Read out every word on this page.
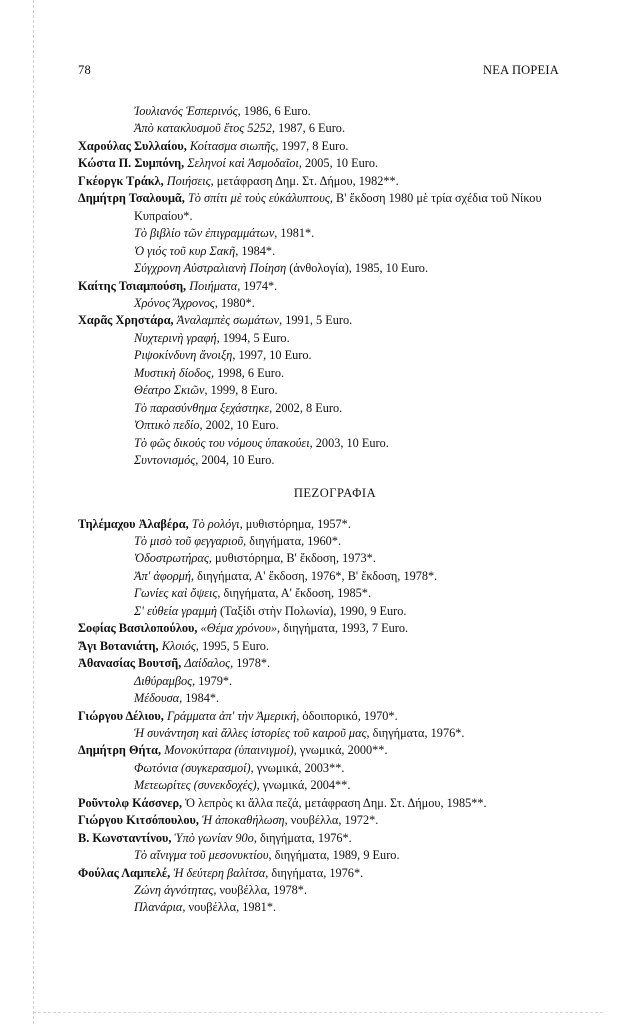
78	ΝΕΑ ΠΟΡΕΙΑ
Ἰουλιανός Ἑσπερινός, 1986, 6 Euro.
Ἀπὸ κατακλυσμοῦ ἔτος 5252, 1987, 6 Euro.
Χαρούλας Συλλαίου, Κοίτασμα σιωπῆς, 1997, 8 Euro.
Κώστα Π. Συμπόνη, Σεληνοί καὶ Ἀσμοδαῖοι, 2005, 10 Euro.
Γκέοργκ Τράκλ, Ποιήσεις, μετάφραση Δημ. Στ. Δήμου, 1982**.
Δημήτρη Τσαλουμᾶ, Τὸ σπίτι μὲ τοὺς εὐκάλυπτους, Β' ἔκδοση 1980 μὲ τρία σχέδια τοῦ Νίκου Κυπραίου*.
Τὸ βιβλίο τῶν ἐπιγραμμάτων, 1981*.
Ὁ γιός τοῦ κυρ Σακῆ, 1984*.
Σύγχρονη Αὐστραλιανὴ Ποίηση (ἀνθολογία), 1985, 10 Euro.
Καίτης Τσιαμπούση, Ποιήματα, 1974*.
Χρόνος Ἄχρονος, 1980*.
Χαρᾶς Χρηστάρα, Ἀναλαμπὲς σωμάτων, 1991, 5 Euro.
Νυχτερινὴ γραφή, 1994, 5 Euro.
Ριψοκίνδυνη ἄνοιξη, 1997, 10 Euro.
Μυστικὴ δίοδος, 1998, 6 Euro.
Θέατρο Σκιῶν, 1999, 8 Euro.
Τὸ παρασύνθημα ξεχάστηκε, 2002, 8 Euro.
Ὀπτικὸ πεδίο, 2002, 10 Euro.
Τὸ φῶς δικούς του νόμους ὑπακούει, 2003, 10 Euro.
Συντονισμός, 2004, 10 Euro.
ΠΕΖΟΓΡΑΦΙΑ
Τηλέμαχου Ἀλαβέρα, Τὸ ρολόγι, μυθιστόρημα, 1957*.
Τὸ μισὸ τοῦ φεγγαριοῦ, διηγήματα, 1960*.
Ὁδοστρωτήρας, μυθιστόρημα, Β' ἔκδοση, 1973*.
Ἀπ' ἀφορμή, διηγήματα, Α' ἔκδοση, 1976*, Β' ἔκδοση, 1978*.
Γωνίες καὶ ὄψεις, διηγήματα, Α' ἔκδοση, 1985*.
Σ' εὐθεία γραμμὴ (Ταξίδι στὴν Πολωνία), 1990, 9 Euro.
Σοφίας Βασιλοπούλου, «Θέμα χρόνου», διηγήματα, 1993, 7 Euro.
Ἄγι Βοτανιάτη, Κλοιός, 1995, 5 Euro.
Ἀθανασίας Βουτσῆ, Δαίδαλος, 1978*.
Διθύραμβος, 1979*.
Μέδουσα, 1984*.
Γιώργου Δέλιου, Γράμματα ἀπ' τὴν Ἀμερική, ὁδοιπορικό, 1970*.
Ἡ συνάντηση καὶ ἄλλες ἱστορίες τοῦ καιροῦ μας, διηγήματα, 1976*.
Δημήτρη Θήτα, Μονοκύτταρα (ὑπαινιγμοί), γνωμικά, 2000**.
Φωτόνια (συγκερασμοί), γνωμικά, 2003**.
Μετεωρίτες (συνεκδοχές), γνωμικά, 2004**.
Ροῦντολφ Κάσσνερ, Ὁ λεπρὸς κι ἄλλα πεζά, μετάφραση Δημ. Στ. Δήμου, 1985**.
Γιώργου Κιτσόπουλου, Ἡ ἀποκαθήλωση, νουβέλλα, 1972*.
Β. Κωνσταντίνου, Ὑπὸ γωνίαν 90ο, διηγήματα, 1976*.
Τὸ αἴνιγμα τοῦ μεσονυκτίου, διηγήματα, 1989, 9 Euro.
Φούλας Λαμπελέ, Ἡ δεύτερη βαλίτσα, διηγήματα, 1976*.
Ζώνη ἁγνότητας, νουβέλλα, 1978*.
Πλανάρια, νουβέλλα, 1981*.
